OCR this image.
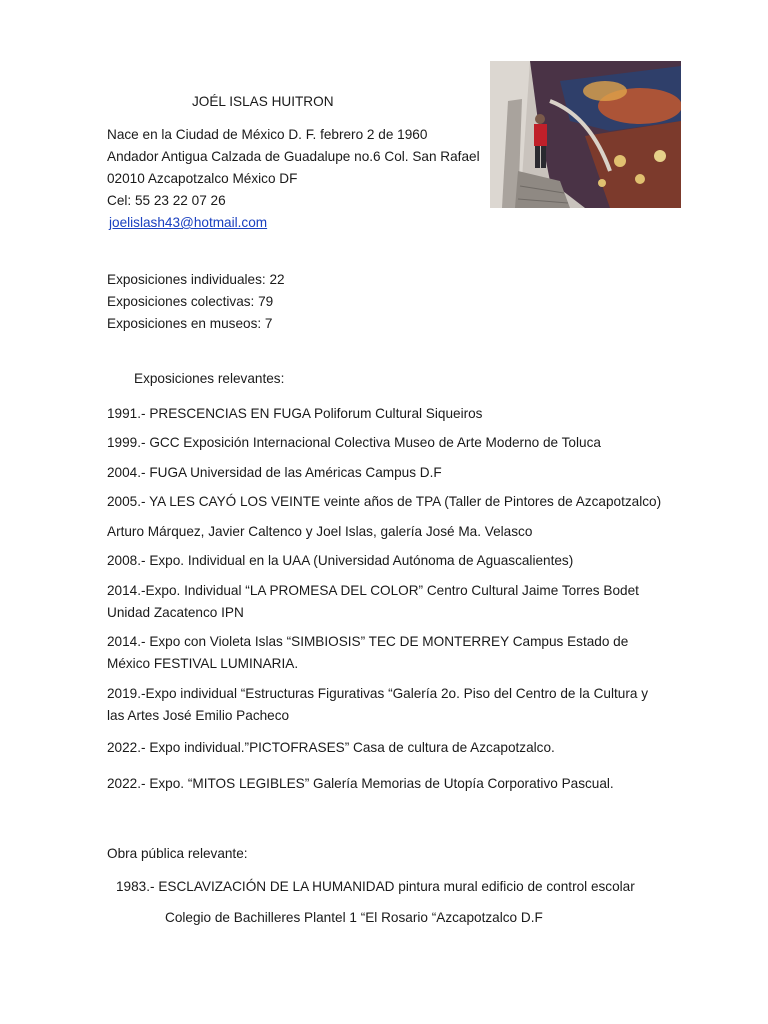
JOÉL ISLAS HUITRON
Nace en la Ciudad de México D. F. febrero 2 de 1960
Andador Antigua Calzada de Guadalupe no.6 Col. San Rafael
02010 Azcapotzalco México DF
Cel: 55 23 22 07 26
joelislash43@hotmail.com
Exposiciones individuales: 22
Exposiciones colectivas: 79
Exposiciones en museos: 7
Exposiciones relevantes:
1991.- PRESCENCIAS EN FUGA Poliforum Cultural Siqueiros
1999.- GCC Exposición Internacional Colectiva Museo de Arte Moderno de Toluca
2004.- FUGA Universidad de las Américas Campus D.F
2005.- YA LES CAYÓ LOS VEINTE veinte años de TPA (Taller de Pintores de Azcapotzalco)
Arturo Márquez, Javier Caltenco y Joel Islas, galería José Ma. Velasco
2008.- Expo. Individual en la UAA (Universidad Autónoma de Aguascalientes)
2014.-Expo. Individual “LA PROMESA DEL COLOR” Centro Cultural Jaime Torres Bodet Unidad Zacatenco IPN
2014.- Expo con Violeta Islas “SIMBIOSIS” TEC DE MONTERREY Campus Estado de México FESTIVAL LUMINARIA.
2019.-Expo individual “Estructuras Figurativas “Galería 2o. Piso del Centro de la Cultura y las Artes José Emilio Pacheco
2022.- Expo individual.”PICTOFRASES” Casa de cultura de Azcapotzalco.
2022.- Expo. “MITOS LEGIBLES” Galería Memorias de Utopía Corporativo Pascual.
Obra pública relevante:
1983.- ESCLAVIZACIÓN DE LA HUMANIDAD pintura mural edificio de control escolar
Colegio de Bachilleres Plantel 1 “El Rosario “Azcapotzalco D.F
